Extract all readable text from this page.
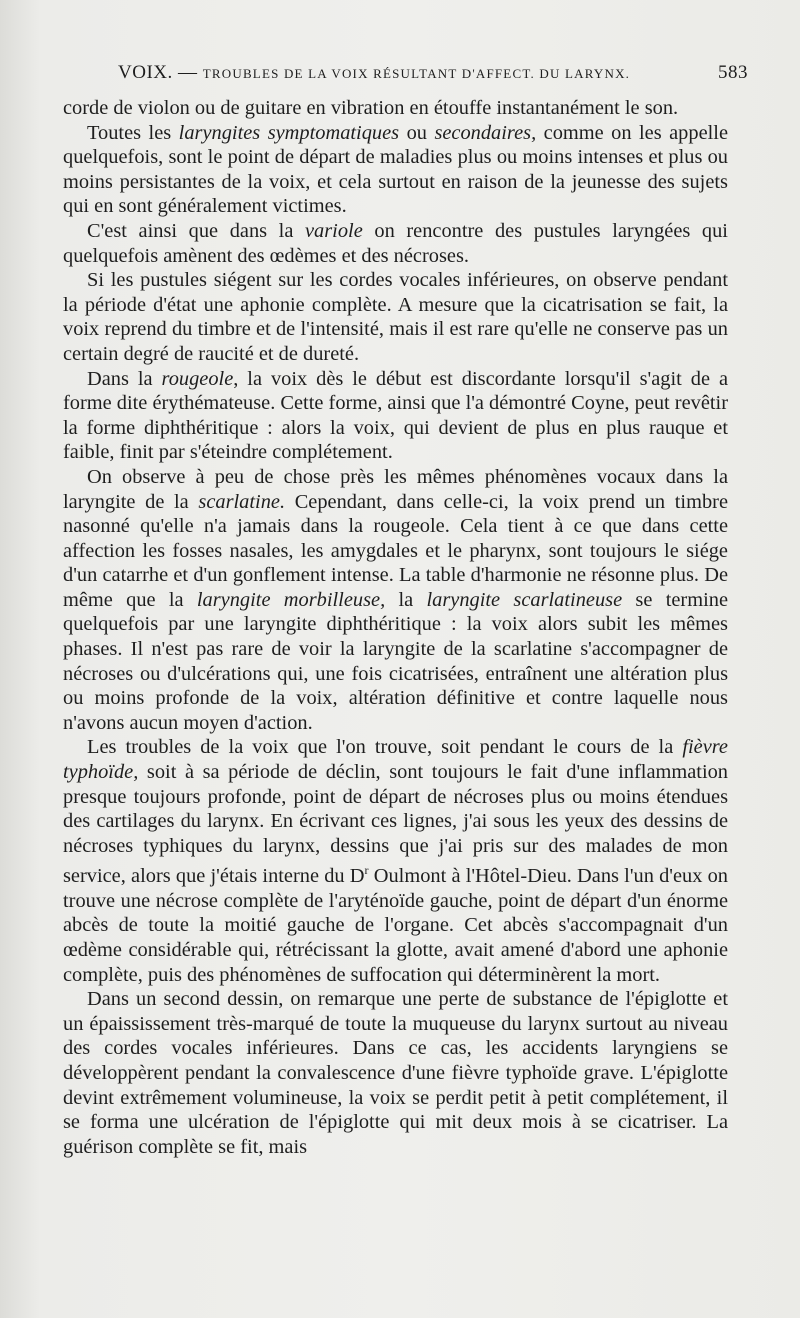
VOIX. — TROUBLES DE LA VOIX RÉSULTANT D'AFFECT. DU LARYNX.	583

corde de violon ou de guitare en vibration en étouffe instantanément le son.

Toutes les laryngites symptomatiques ou secondaires, comme on les appelle quelquefois, sont le point de départ de maladies plus ou moins intenses et plus ou moins persistantes de la voix, et cela surtout en raison de la jeunesse des sujets qui en sont généralement victimes.

C'est ainsi que dans la variole on rencontre des pustules laryngées qui quelquefois amènent des œdèmes et des nécroses.

Si les pustules siégent sur les cordes vocales inférieures, on observe pendant la période d'état une aphonie complète. A mesure que la cicatrisation se fait, la voix reprend du timbre et de l'intensité, mais il est rare qu'elle ne conserve pas un certain degré de raucité et de dureté.

Dans la rougeole, la voix dès le début est discordante lorsqu'il s'agit de a forme dite érythémateuse. Cette forme, ainsi que l'a démontré Coyne, peut revêtir la forme diphthéritique : alors la voix, qui devient de plus en plus rauque et faible, finit par s'éteindre complétement.

On observe à peu de chose près les mêmes phénomènes vocaux dans la laryngite de la scarlatine. Cependant, dans celle-ci, la voix prend un timbre nasonné qu'elle n'a jamais dans la rougeole. Cela tient à ce que dans cette affection les fosses nasales, les amygdales et le pharynx, sont toujours le siége d'un catarrhe et d'un gonflement intense. La table d'harmonie ne résonne plus. De même que la laryngite morbilleuse, la laryngite scarlatineuse se termine quelquefois par une laryngite diphthéritique : la voix alors subit les mêmes phases. Il n'est pas rare de voir la laryngite de la scarlatine s'accompagner de nécroses ou d'ulcérations qui, une fois cicatrisées, entraînent une altération plus ou moins profonde de la voix, altération définitive et contre laquelle nous n'avons aucun moyen d'action.

Les troubles de la voix que l'on trouve, soit pendant le cours de la fièvre typhoïde, soit à sa période de déclin, sont toujours le fait d'une inflammation presque toujours profonde, point de départ de nécroses plus ou moins étendues des cartilages du larynx. En écrivant ces lignes, j'ai sous les yeux des dessins de nécroses typhiques du larynx, dessins que j'ai pris sur des malades de mon service, alors que j'étais interne du $D^r$ Oulmont à l'Hôtel-Dieu. Dans l'un d'eux on trouve une nécrose complète de l'aryténoïde gauche, point de départ d'un énorme abcès de toute la moitié gauche de l'organe. Cet abcès s'accompagnait d'un œdème considérable qui, rétrécissant la glotte, avait amené d'abord une aphonie complète, puis des phénomènes de suffocation qui déterminèrent la mort.

Dans un second dessin, on remarque une perte de substance de l'épiglotte et un épaississement très-marqué de toute la muqueuse du larynx surtout au niveau des cordes vocales inférieures. Dans ce cas, les accidents laryngiens se développèrent pendant la convalescence d'une fièvre typhoïde grave. L'épiglotte devint extrêmement volumineuse, la voix se perdit petit à petit complétement, il se forma une ulcération de l'épiglotte qui mit deux mois à se cicatriser. La guérison complète se fit, mais
